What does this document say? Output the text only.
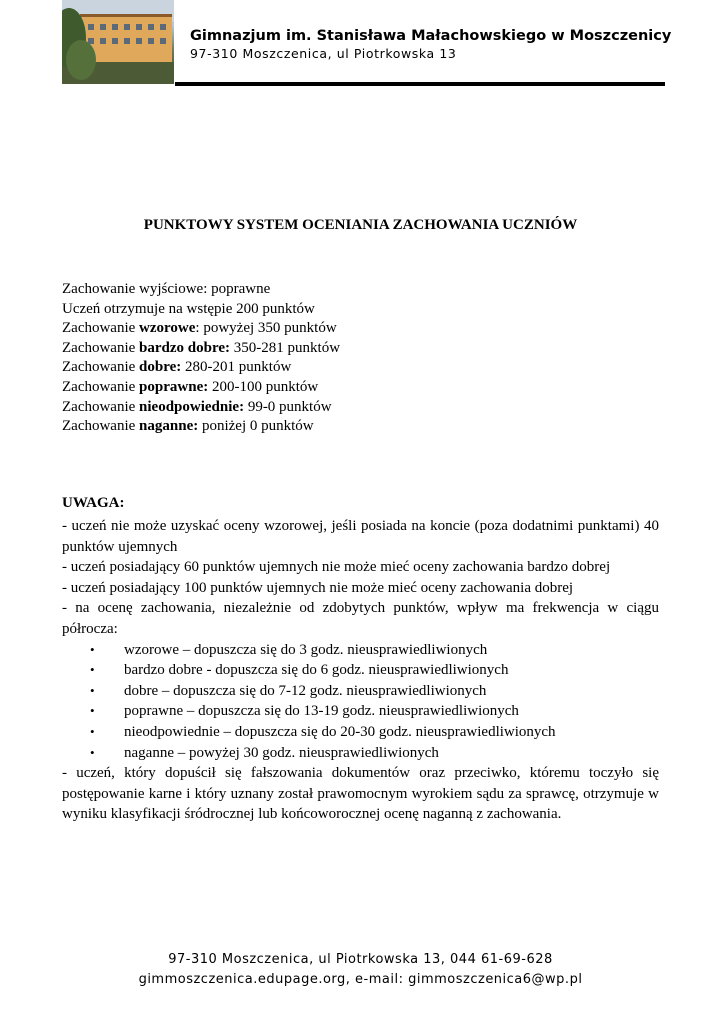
Gimnazjum im. Stanisława Małachowskiego w Moszczenicy
97-310 Moszczenica, ul Piotrkowska 13
PUNKTOWY SYSTEM OCENIANIA ZACHOWANIA UCZNIÓW
Zachowanie wyjściowe: poprawne
Uczeń otrzymuje na wstępie 200 punktów
Zachowanie wzorowe: powyżej 350 punktów
Zachowanie bardzo dobre: 350-281 punktów
Zachowanie dobre: 280-201 punktów
Zachowanie poprawne: 200-100 punktów
Zachowanie nieodpowiednie: 99-0 punktów
Zachowanie naganne: poniżej 0 punktów
UWAGA:

- uczeń nie może uzyskać oceny wzorowej, jeśli posiada na koncie (poza dodatnimi punktami) 40 punktów ujemnych

- uczeń posiadający 60 punktów ujemnych nie może mieć oceny zachowania bardzo dobrej

- uczeń posiadający 100 punktów ujemnych nie może mieć oceny zachowania dobrej

- na ocenę zachowania, niezależnie od zdobytych punktów, wpływ ma frekwencja w ciągu półrocza:

• wzorowe – dopuszcza się do 3 godz. nieusprawiedliwionych
• bardzo dobre - dopuszcza się do 6 godz. nieusprawiedliwionych
• dobre – dopuszcza się do 7-12 godz. nieusprawiedliwionych
• poprawne – dopuszcza się do 13-19 godz. nieusprawiedliwionych
• nieodpowiednie – dopuszcza się do 20-30 godz. nieusprawiedliwionych
• naganne – powyżej 30 godz. nieusprawiedliwionych

- uczeń, który dopuścił się fałszowania dokumentów oraz przeciwko, któremu toczyło się postępowanie karne i który uznany został prawomocnym wyrokiem sądu za sprawcę, otrzymuje w wyniku klasyfikacji śródrocznej lub końcoworocznej ocenę naganną z zachowania.

97-310 Moszczenica, ul Piotrkowska 13, 044 61-69-628
gimmoszczenica.edupage.org, e-mail: gimmoszczenica6@wp.pl
